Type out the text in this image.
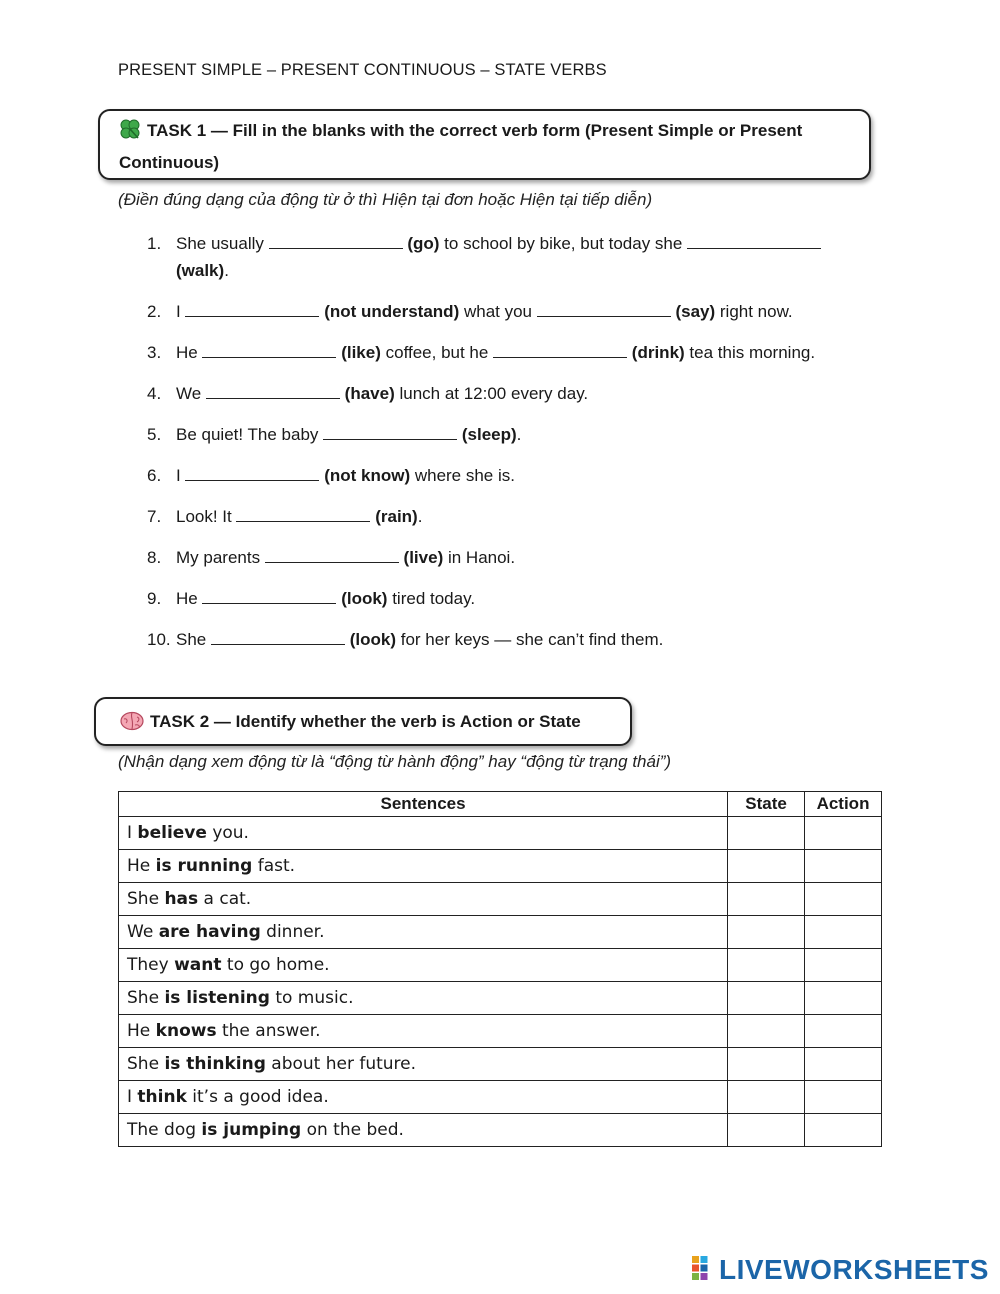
PRESENT SIMPLE – PRESENT CONTINUOUS – STATE VERBS
TASK 1 — Fill in the blanks with the correct verb form (Present Simple or Present Continuous)
(Điền đúng dạng của động từ ở thì Hiện tại đơn hoặc Hiện tại tiếp diễn)
1. She usually	(go) to school by bike, but today she  (walk).
2. I	(not understand) what you	(say) right now.
3. He	(like) coffee, but he	(drink) tea this morning.
4. We	(have) lunch at 12:00 every day.
5. Be quiet! The baby	(sleep).
6. I	(not know) where she is.
7. Look! It	(rain).
8. My parents	(live) in Hanoi.
9. He	(look) tired today.
10. She	(look) for her keys — she can’t find them.
TASK 2 — Identify whether the verb is Action or State
(Nhận dạng xem động từ là “động từ hành động” hay “động từ trạng thái”)
Sentences	State	Action
I believe you.		
He is running fast.		
She has a cat.		
We are having dinner.		
They want to go home.		
She is listening to music.		
He knows the answer.		
She is thinking about her future.		
I think it’s a good idea.		
The dog is jumping on the bed.		
LIVEWORKSHEETS
